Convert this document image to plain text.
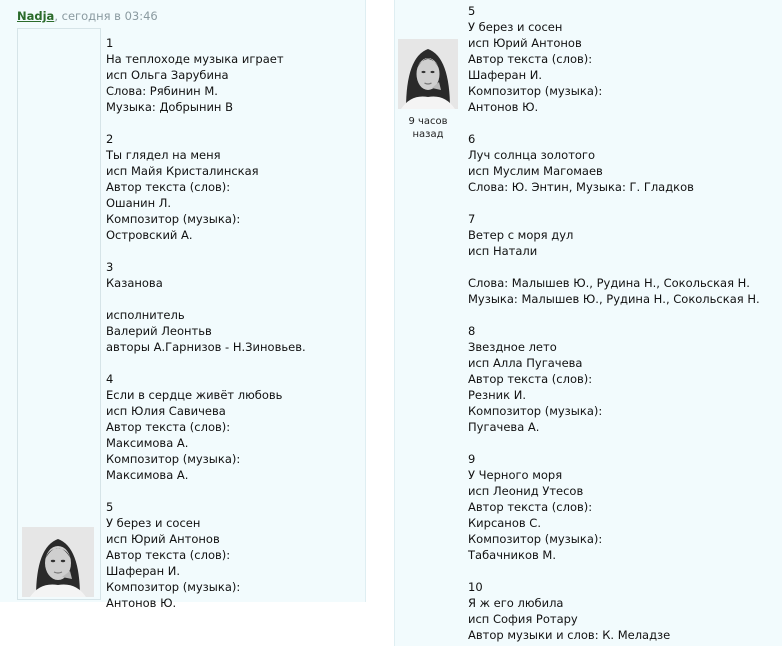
Nadja, сегодня в 03:46
1
На теплоходе музыка играет
исп Ольга Зарубина
Слова: Рябинин М.
Музыка: Добрынин В
2
Ты глядел на меня
исп Майя Кристалинская
Автор текста (слов):
Ошанин Л.
Композитор (музыка):
Островский А.
3
Казанова
исполнитель
Валерий Леонтьв
авторы А.Гарнизов - Н.Зиновьев.
4
Если в сердце живёт любовь
исп Юлия Савичева
Автор текста (слов):
Максимова А.
Композитор (музыка):
Максимова А.
5
У берез и сосен
исп Юрий Антонов
Автор текста (слов):
Шаферан И.
Композитор (музыка):
Антонов Ю.
9 часов назад
5
У берез и сосен
исп Юрий Антонов
Автор текста (слов):
Шаферан И.
Композитор (музыка):
Антонов Ю.
6
Луч солнца золотого
исп Муслим Магомаев
Слова: Ю. Энтин, Музыка: Г. Гладков
7
Ветер с моря дул
исп Натали
Слова: Малышев Ю., Рудина Н., Сокольская Н.
Музыка: Малышев Ю., Рудина Н., Сокольская Н.
8
Звездное лето
исп Алла Пугачева
Автор текста (слов):
Резник И.
Композитор (музыка):
Пугачева А.
9
У Черного моря
исп Леонид Утесов
Автор текста (слов):
Кирсанов С.
Композитор (музыка):
Табачников М.
10
Я ж его любила
исп София Ротару
Автор музыки и слов: К. Меладзе
